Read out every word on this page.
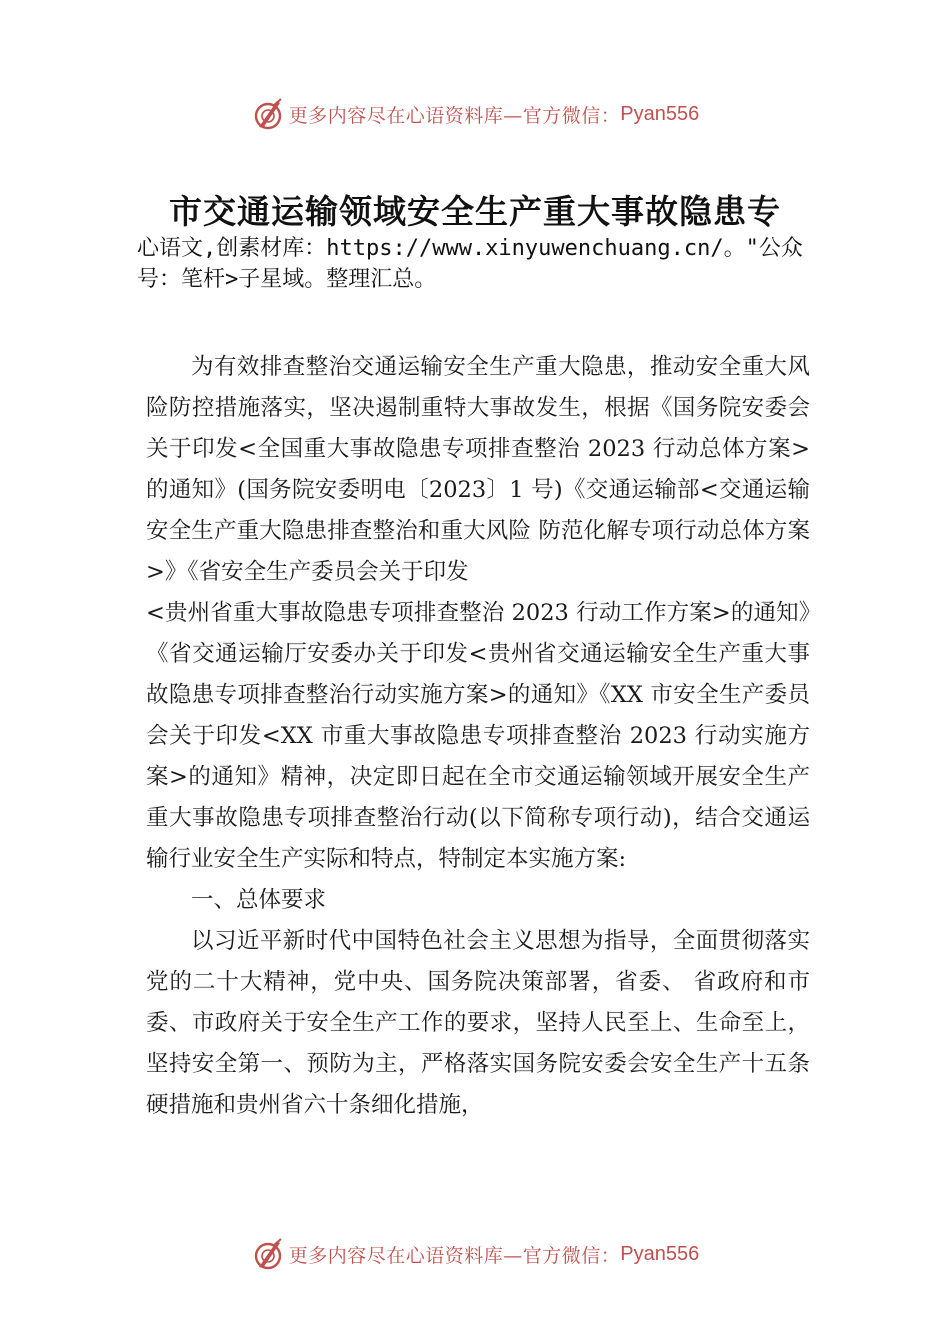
更多内容尽在心语资料库—官方微信： Pyan556
市交通运输领域安全生产重大事故隐患专
心语文,创素材库：https://www.xinyuwenchuang.cn/。"公众号：笔杆>子星域。整理汇总。

为有效排查整治交通运输安全生产重大隐患，推动安全重大风险防控措施落实，坚决遏制重特大事故发生，根据《国务院安委会关于印发<全国重大事故隐患专项排查整治 2023 行动总体方案>的通知》(国务院安委明电〔2023〕1 号)《交通运输部<交通运输安全生产重大隐患排查整治和重大风险 防范化解专项行动总体方案>》《省安全生产委员会关于印发

<贵州省重大事故隐患专项排查整治 2023 行动工作方案>的通知》《省交通运输厅安委办关于印发<贵州省交通运输安全生产重大事故隐患专项排查整治行动实施方案>的通知》《XX 市安全生产委员会关于印发<XX 市重大事故隐患专项排查整治 2023 行动实施方案>的通知》精神，决定即日起在全市交通运输领域开展安全生产重大事故隐患专项排查整治行动(以下简称专项行动)，结合交通运输行业安全生产实际和特点，特制定本实施方案:

一、总体要求

以习近平新时代中国特色社会主义思想为指导，全面贯彻落实党的二十大精神，党中央、国务院决策部署，省委、 省政府和市委、市政府关于安全生产工作的要求，坚持人民至上、生命至上，坚持安全第一、预防为主，严格落实国务院安委会安全生产十五条硬措施和贵州省六十条细化措施，

更多内容尽在心语资料库—官方微信： Pyan556
